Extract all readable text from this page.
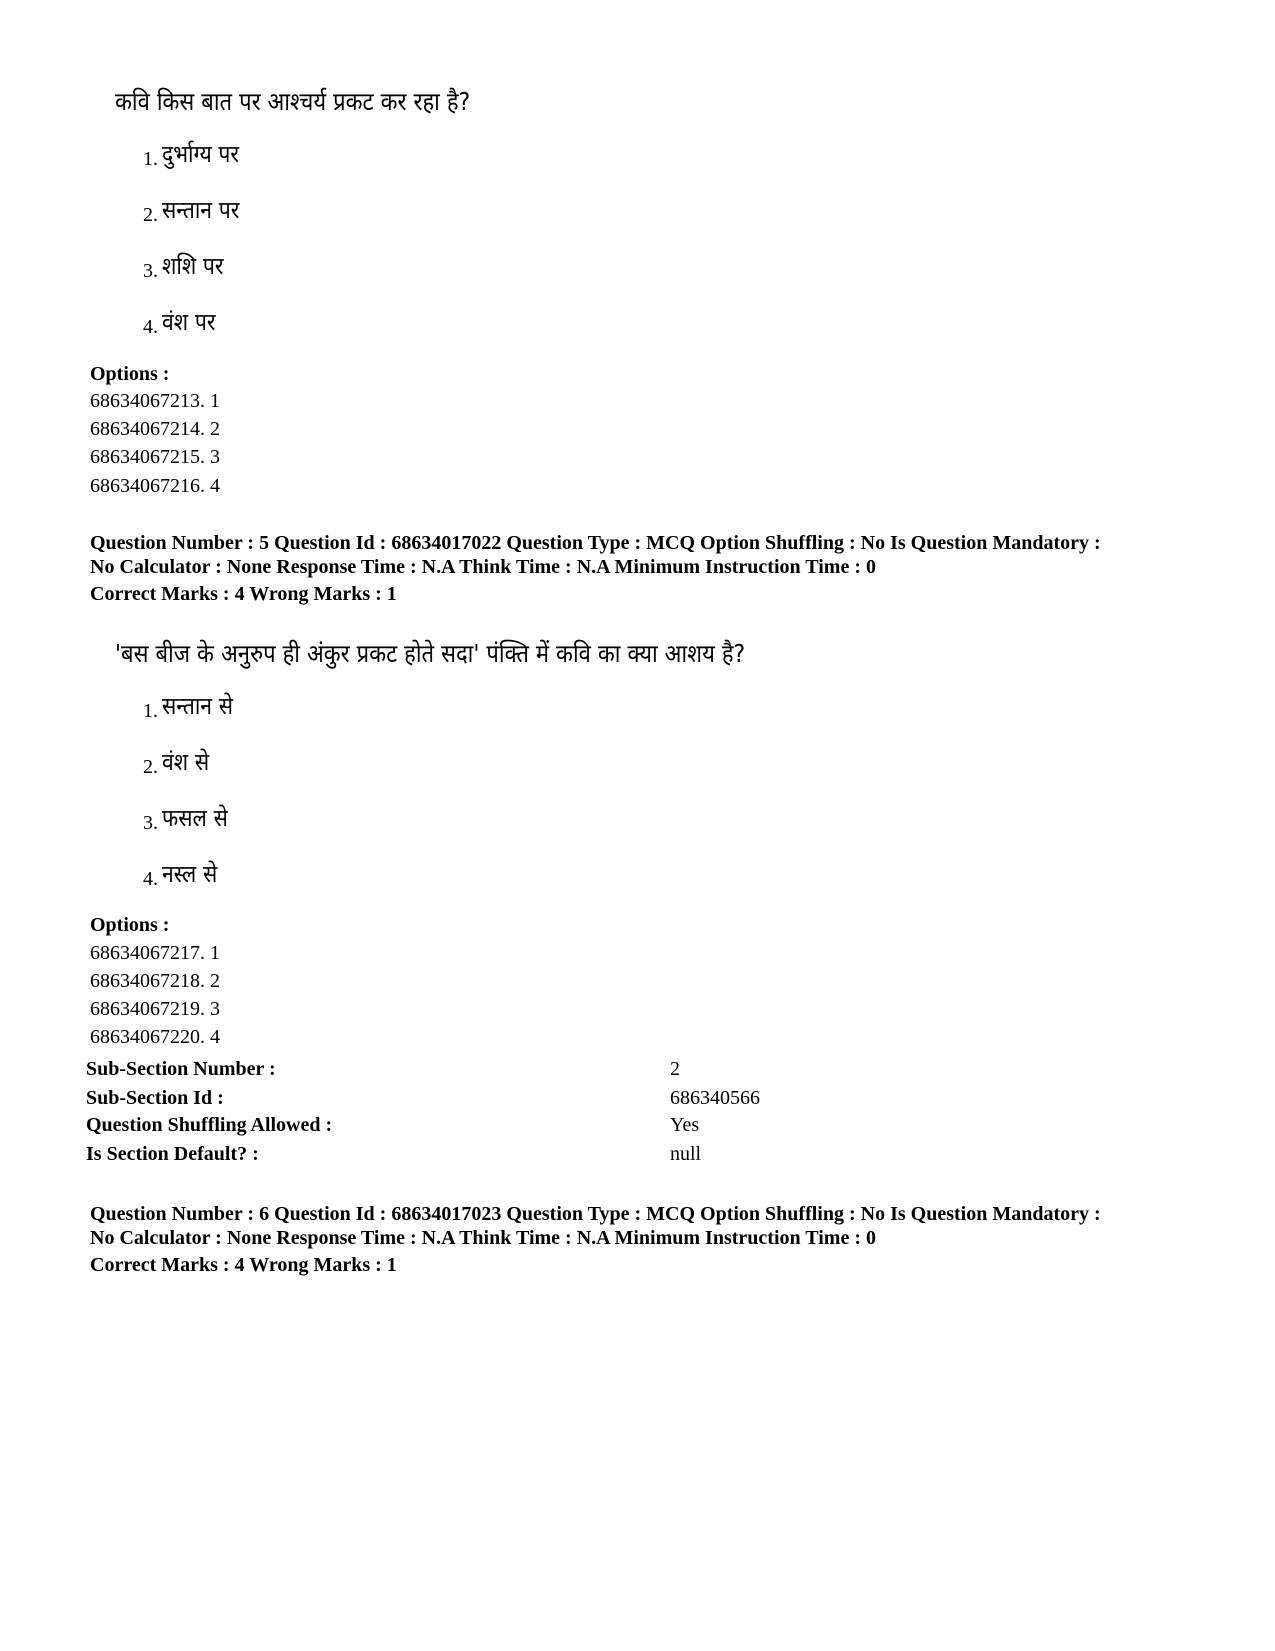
कवि किस बात पर आश्चर्य प्रकट कर रहा है?
1. दुर्भाग्य पर
2. सन्तान पर
3. शशि पर
4. वंश पर
Options :
68634067213. 1
68634067214. 2
68634067215. 3
68634067216. 4
Question Number : 5 Question Id : 68634017022 Question Type : MCQ Option Shuffling : No Is Question Mandatory :
No Calculator : None Response Time : N.A Think Time : N.A Minimum Instruction Time : 0
Correct Marks : 4 Wrong Marks : 1
'बस बीज के अनुरुप ही अंकुर प्रकट होते सदा' पंक्ति में कवि का क्या आशय है?
1. सन्तान से
2. वंश से
3. फसल से
4. नस्ल से
Options :
68634067217. 1
68634067218. 2
68634067219. 3
68634067220. 4
Sub-Section Number :	2
Sub-Section Id :	686340566
Question Shuffling Allowed :	Yes
Is Section Default? :	null
Question Number : 6 Question Id : 68634017023 Question Type : MCQ Option Shuffling : No Is Question Mandatory :
No Calculator : None Response Time : N.A Think Time : N.A Minimum Instruction Time : 0
Correct Marks : 4 Wrong Marks : 1
